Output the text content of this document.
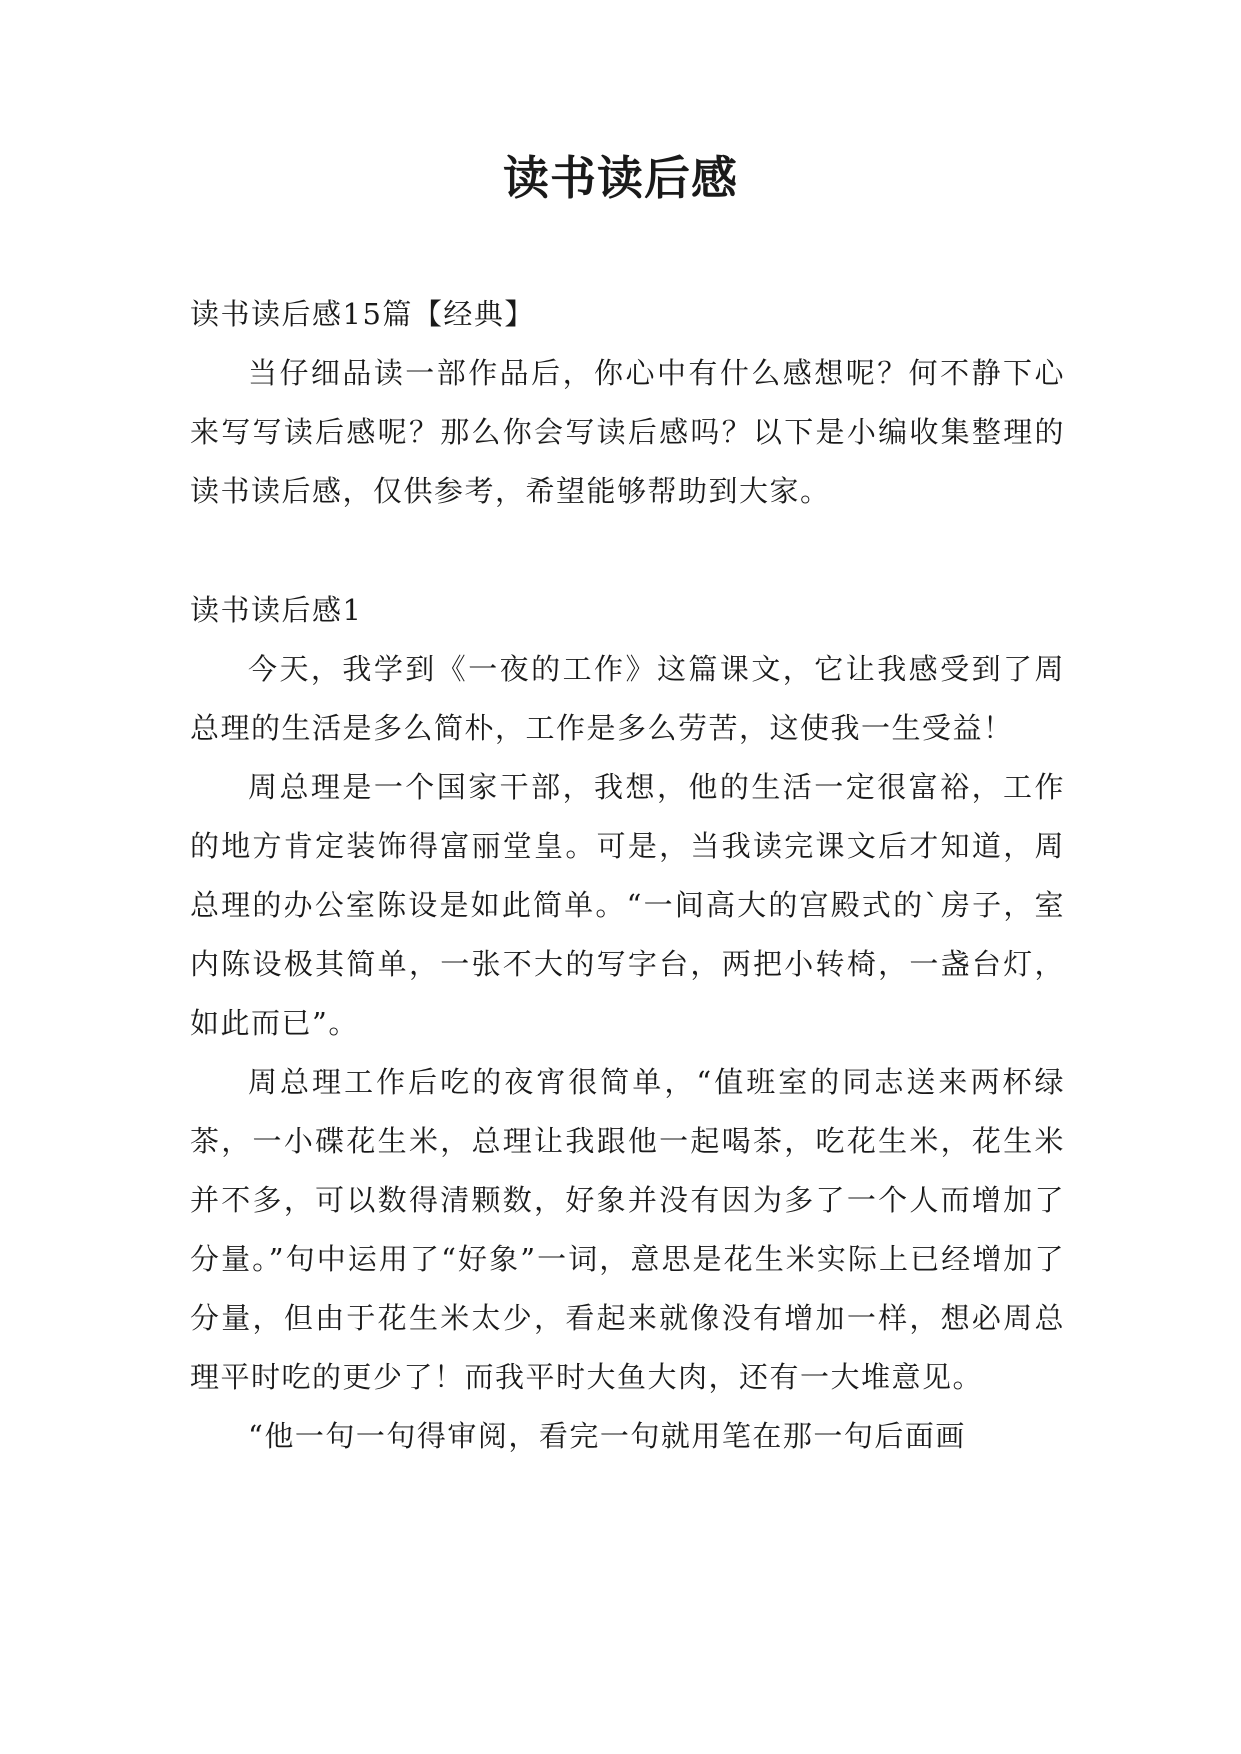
读书读后感

读书读后感15篇【经典】

当仔细品读一部作品后，你心中有什么感想呢？何不静下心来写写读后感呢？那么你会写读后感吗？以下是小编收集整理的读书读后感，仅供参考，希望能够帮助到大家。

读书读后感1

今天，我学到《一夜的工作》这篇课文，它让我感受到了周总理的生活是多么简朴，工作是多么劳苦，这使我一生受益！

周总理是一个国家干部，我想，他的生活一定很富裕，工作的地方肯定装饰得富丽堂皇。可是，当我读完课文后才知道，周总理的办公室陈设是如此简单。“一间高大的宫殿式的`房子，室内陈设极其简单，一张不大的写字台，两把小转椅，一盏台灯，如此而已”。

周总理工作后吃的夜宵很简单，“值班室的同志送来两杯绿茶，一小碟花生米，总理让我跟他一起喝茶，吃花生米，花生米并不多，可以数得清颗数，好象并没有因为多了一个人而增加了分量。”句中运用了“好象”一词，意思是花生米实际上已经增加了分量，但由于花生米太少，看起来就像没有增加一样，想必周总理平时吃的更少了！而我平时大鱼大肉，还有一大堆意见。

“他一句一句得审阅，看完一句就用笔在那一句后面画
